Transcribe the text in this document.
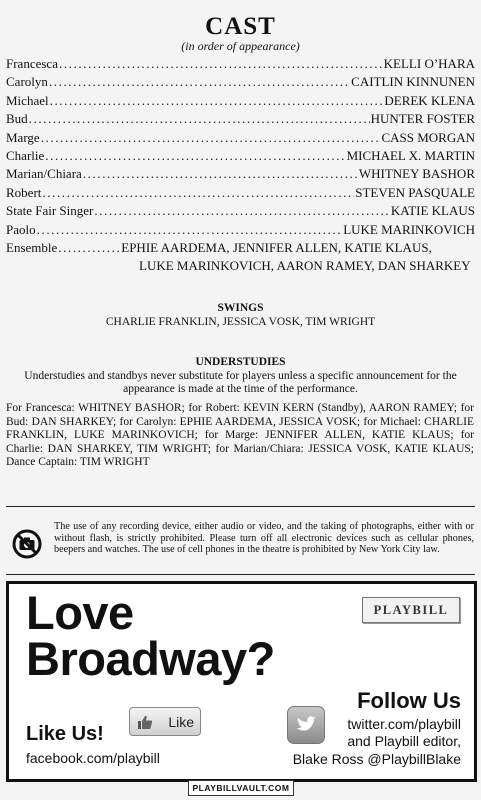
CAST
(in order of appearance)
Francesca .....	KELLI O’HARA
Carolyn .....	CAITLIN KINNUNEN
Michael .....	DEREK KLENA
Bud .....	HUNTER FOSTER
Marge .....	CASS MORGAN
Charlie .....	MICHAEL X. MARTIN
Marian/Chiara .....	WHITNEY BASHOR
Robert .....	STEVEN PASQUALE
State Fair Singer .....	KATIE KLAUS
Paolo .....	LUKE MARINKOVICH
Ensemble .....	EPHIE AARDEMA, JENNIFER ALLEN, KATIE KLAUS,
LUKE MARINKOVICH, AARON RAMEY, DAN SHARKEY
SWINGS
CHARLIE FRANKLIN, JESSICA VOSK, TIM WRIGHT
UNDERSTUDIES
Understudies and standbys never substitute for players unless a specific announcement for the appearance is made at the time of the performance.
For Francesca: WHITNEY BASHOR; for Robert: KEVIN KERN (Standby), AARON RAMEY; for Bud: DAN SHARKEY; for Carolyn: EPHIE AARDEMA, JESSICA VOSK; for Michael: CHARLIE FRANKLIN, LUKE MARINKOVICH; for Marge: JENNIFER ALLEN, KATIE KLAUS; for Charlie: DAN SHARKEY, TIM WRIGHT; for Marian/Chiara: JESSICA VOSK, KATIE KLAUS; Dance Captain: TIM WRIGHT
The use of any recording device, either audio or video, and the taking of photographs, either with or without flash, is strictly prohibited. Please turn off all electronic devices such as cellular phones, beepers and watches. The use of cell phones in the theatre is prohibited by New York City law.
Love
Broadway?
PLAYBILL
Follow Us
twitter.com/playbill
and Playbill editor,
Blake Ross @PlaybillBlake
Like Us!
Like
facebook.com/playbill
PLAYBILLVAULT.COM
